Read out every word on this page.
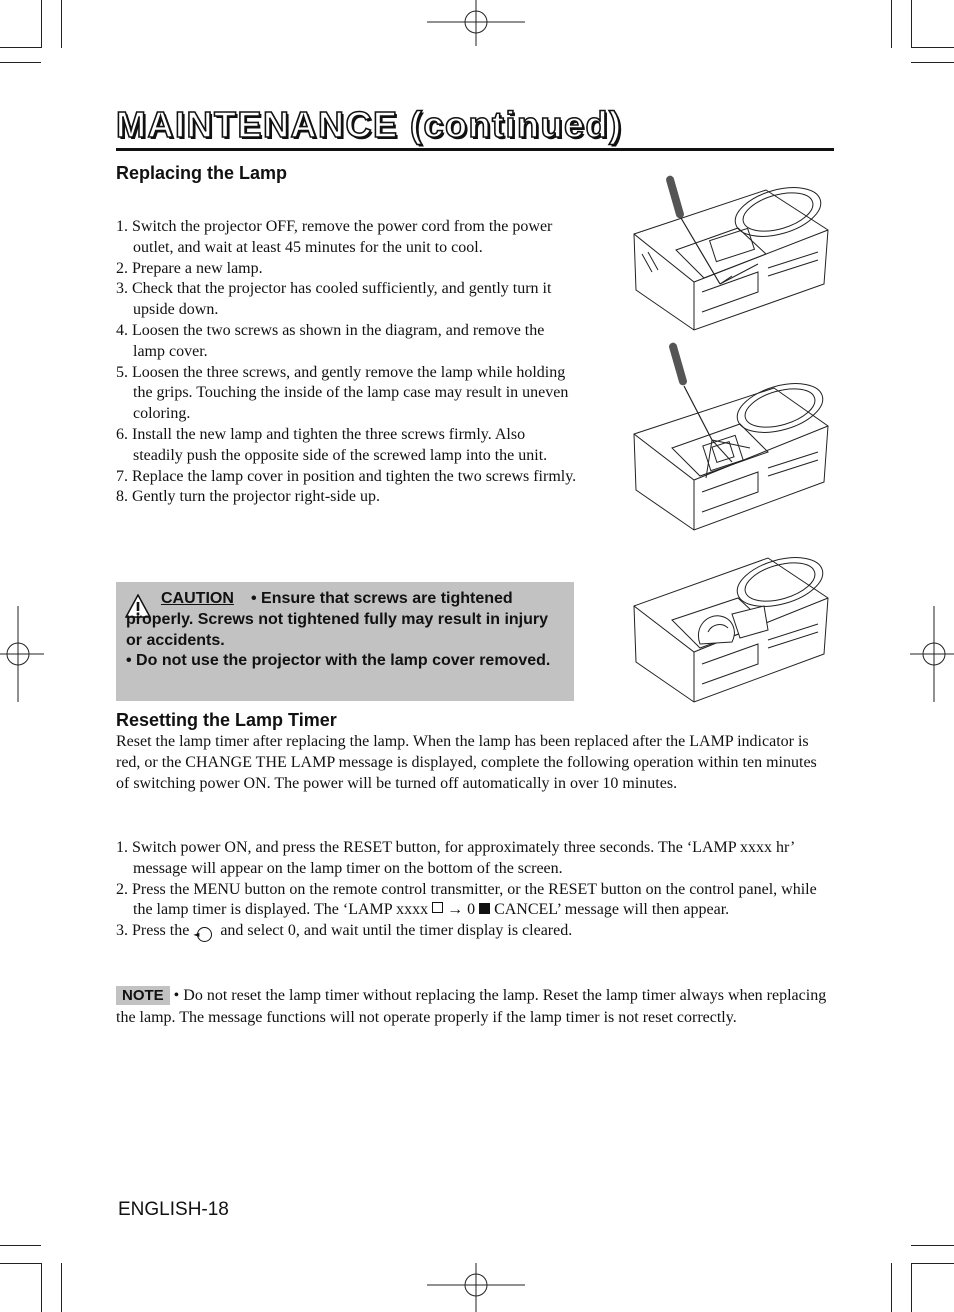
MAINTENANCE (continued)
Replacing the Lamp
1. Switch the projector OFF, remove the power cord from the power outlet, and wait at least 45 minutes for the unit to cool.
2. Prepare a new lamp.
3. Check that the projector has cooled sufficiently, and gently turn it upside down.
4. Loosen the two screws as shown in the diagram, and remove the lamp cover.
5. Loosen the three screws, and gently remove the lamp while holding the grips. Touching the inside of the lamp case may result in uneven coloring.
6. Install the new lamp and tighten the three screws firmly. Also steadily push the opposite side of the screwed lamp into the unit.
7. Replace the lamp cover in position and tighten the two screws firmly.
8. Gently turn the projector right-side up.
CAUTION	• Ensure that screws are tightened properly. Screws not tightened fully may result in injury or accidents.
• Do not use the projector with the lamp cover removed.
Resetting the Lamp Timer
Reset the lamp timer after replacing the lamp. When the lamp has been replaced after the LAMP indicator is red, or the CHANGE THE LAMP message is displayed, complete the following operation within ten minutes of switching power ON. The power will be turned off automatically in over 10 minutes.
1. Switch power ON, and press the RESET button, for approximately three seconds. The ‘LAMP xxxx hr’ message will appear on the lamp timer on the bottom of the screen.
2. Press the MENU button on the remote control transmitter, or the RESET button on the control panel, while the lamp timer is displayed. The ‘LAMP xxxx → 0 CANCEL’ message will then appear.
3. Press the ◄ and select 0, and wait until the timer display is cleared.
NOTE • Do not reset the lamp timer without replacing the lamp. Reset the lamp timer always when replacing the lamp. The message functions will not operate properly if the lamp timer is not reset correctly.
ENGLISH-18
